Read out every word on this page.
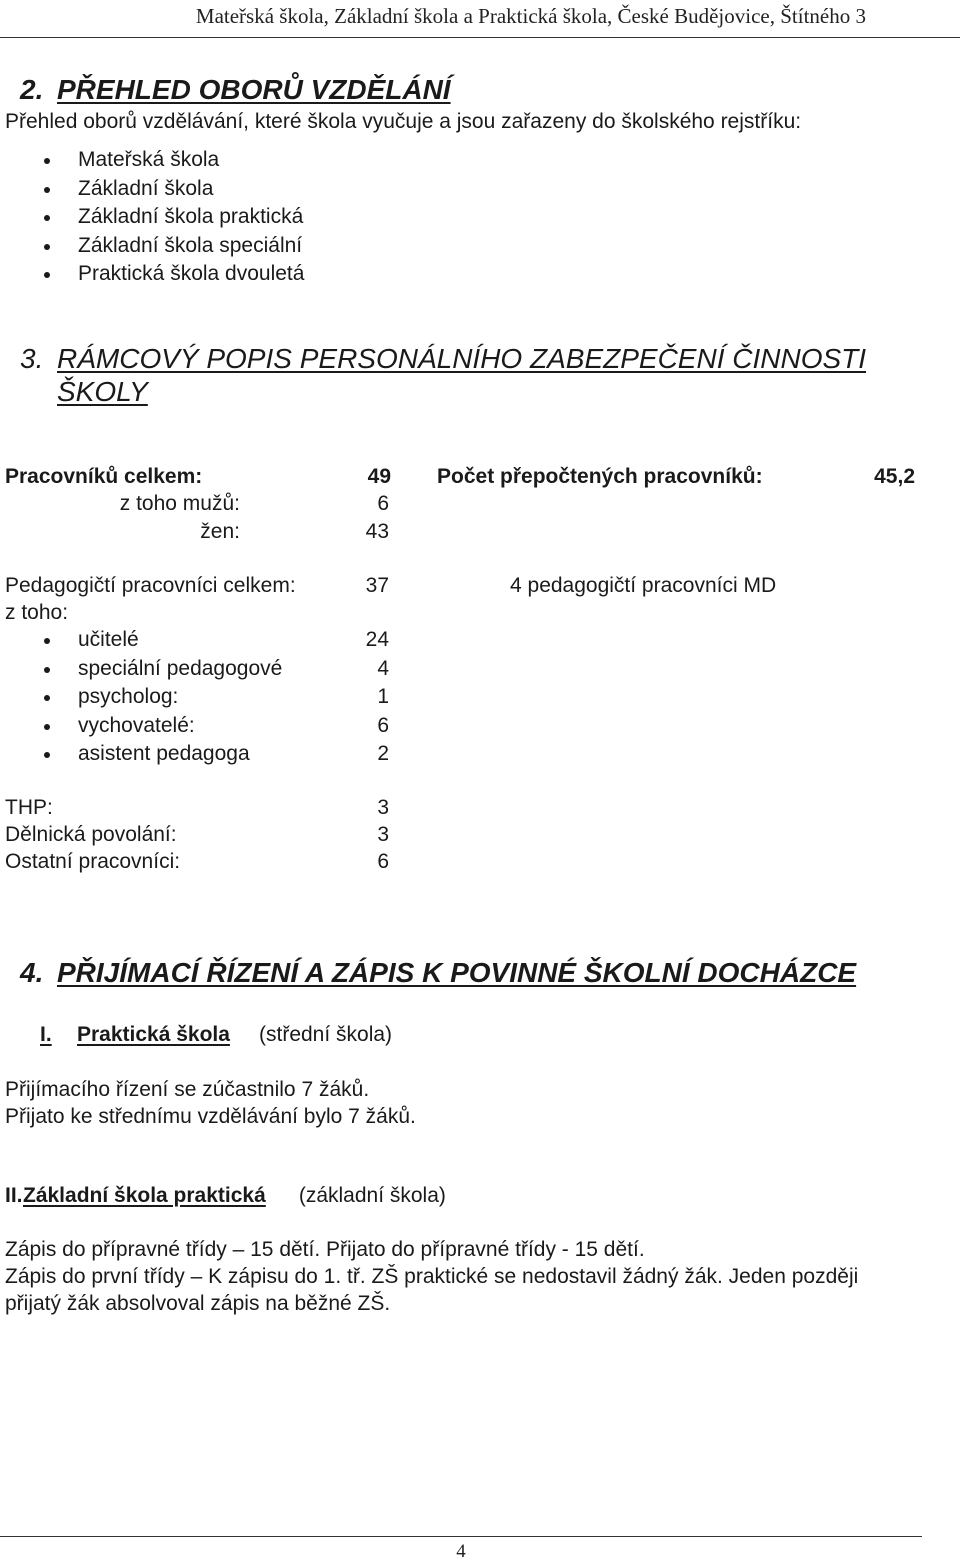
Mateřská škola, Základní škola a Praktická škola, České Budějovice, Štítného 3
2. PŘEHLED OBORŮ VZDĚLÁNÍ
Přehled oborů vzdělávání, které škola vyučuje a jsou zařazeny do školského rejstříku:
Mateřská škola
Základní škola
Základní škola praktická
Základní škola speciální
Praktická škola dvouletá
3. RÁMCOVÝ POPIS PERSONÁLNÍHO ZABEZPEČENÍ ČINNOSTI
ŠKOLY
Pracovníků celkem:	49 Počet přepočtených pracovníků:	45,2
z toho mužů:	6
žen:	43
Pedagogičtí pracovníci celkem:	37	4 pedagogičtí pracovníci MD
z toho:
učitelé	24
speciální pedagogové	4
psycholog:	1
vychovatelé:	6
asistent pedagoga	2
THP:	3
Dělnická povolání:	3
Ostatní pracovníci:	6
4. PŘIJÍMACÍ ŘÍZENÍ A ZÁPIS K POVINNÉ ŠKOLNÍ DOCHÁZCE
I. Praktická škola (střední škola)
Přijímacího řízení se zúčastnilo 7 žáků.
Přijato ke střednímu vzdělávání bylo 7 žáků.
II. Základní škola praktická (základní škola)
Zápis do přípravné třídy – 15 dětí. Přijato do přípravné třídy - 15 dětí.
Zápis do první třídy – K zápisu do 1. tř. ZŠ praktické se nedostavil žádný žák. Jeden později
přijatý žák absolvoval zápis na běžné ZŠ.
4
